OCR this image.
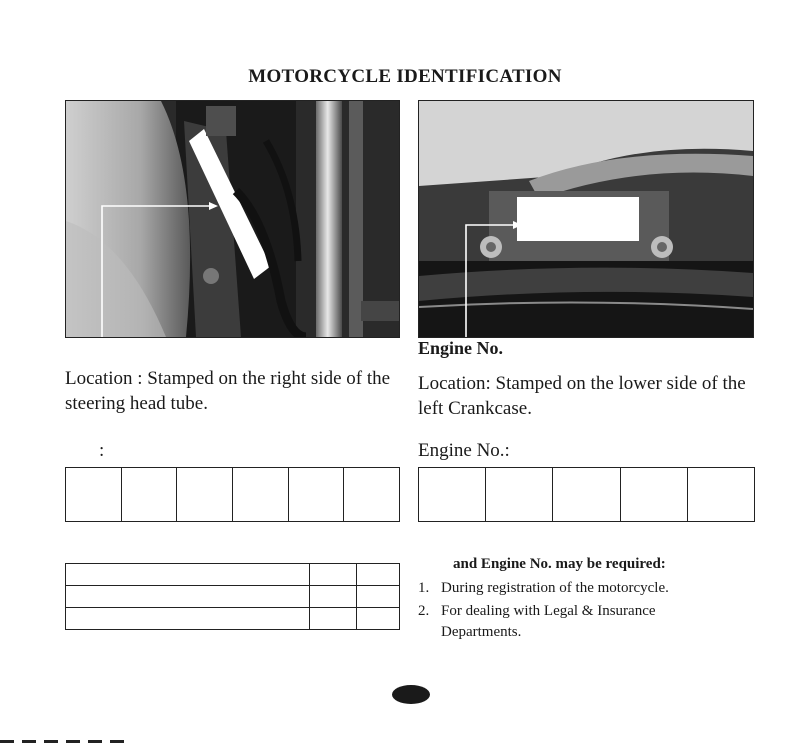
MOTORCYCLE IDENTIFICATION
Engine No.
Location : Stamped on the right side of the steering head tube.
Location: Stamped on the lower side of the left Crankcase.
:	Engine No.:

and Engine No. may be required:
1. During registration of the motorcycle.
2. For dealing with Legal & Insurance Departments.
